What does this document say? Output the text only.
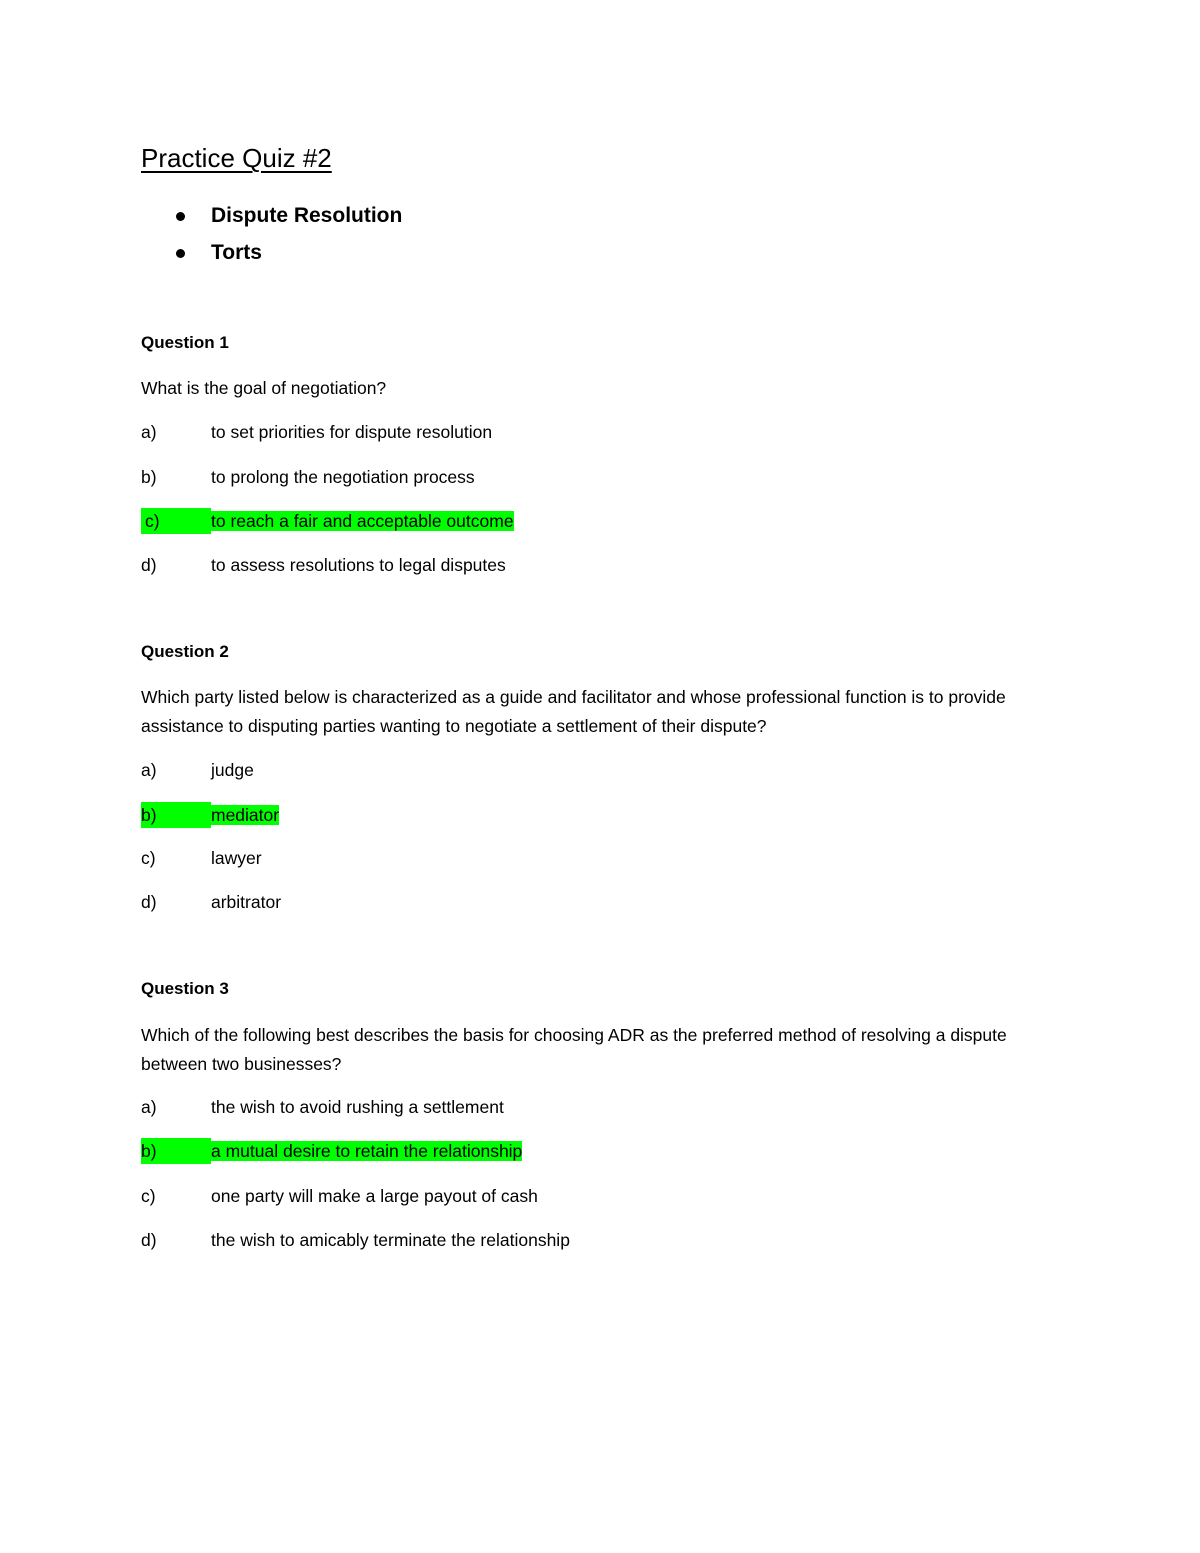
Practice Quiz #2
Dispute Resolution
Torts
Question 1
What is the goal of negotiation?
a)	to set priorities for dispute resolution
b)	to prolong the negotiation process
c)	to reach a fair and acceptable outcome
d)	to assess resolutions to legal disputes
Question 2
Which party listed below is characterized as a guide and facilitator and whose professional function is to provide assistance to disputing parties wanting to negotiate a settlement of their dispute?
a)	judge
b)	mediator
c)	lawyer
d)	arbitrator
Question 3
Which of the following best describes the basis for choosing ADR as the preferred method of resolving a dispute between two businesses?
a)	the wish to avoid rushing a settlement
b)	a mutual desire to retain the relationship
c)	one party will make a large payout of cash
d)	the wish to amicably terminate the relationship
